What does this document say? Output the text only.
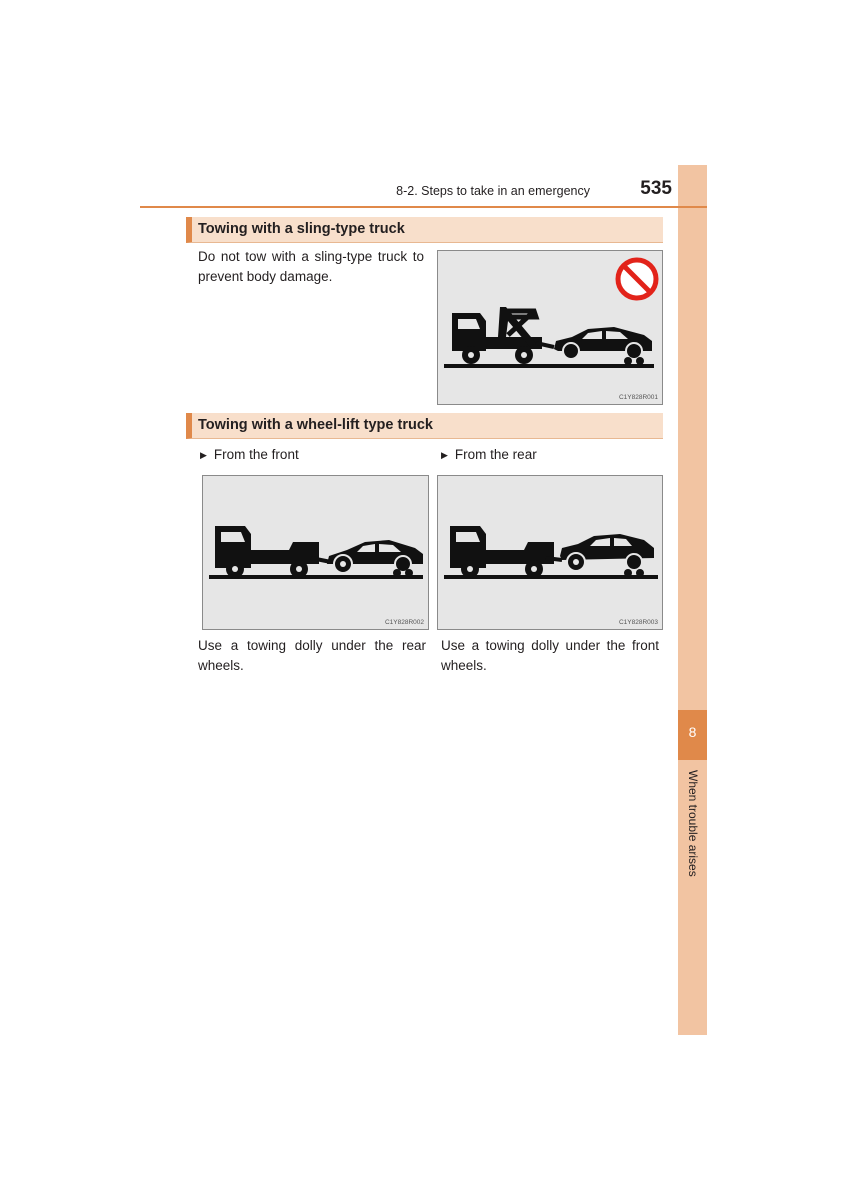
8
When trouble arises
8-2. Steps to take in an emergency	535
Towing with a sling-type truck
Do not tow with a sling-type truck to prevent body damage.
C1Y828R001
Towing with a wheel-lift type truck
▶ From the front	▶ From the rear
C1Y828R002	C1Y828R003
Use a towing dolly under the rear wheels.
Use a towing dolly under the front wheels.
